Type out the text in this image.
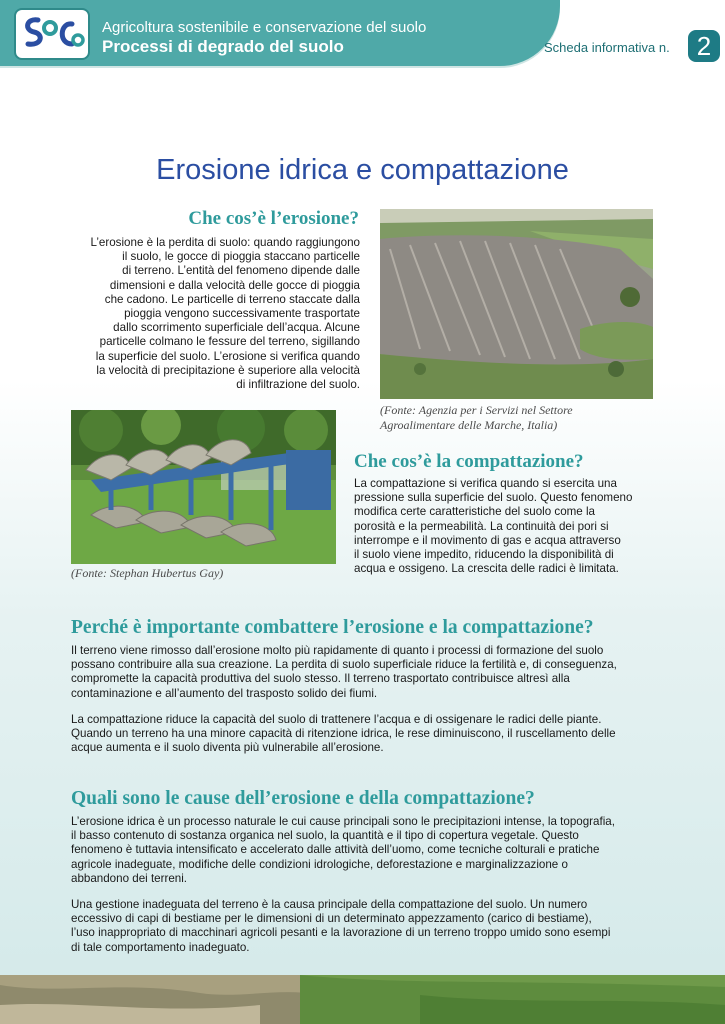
Agricoltura sostenibile e conservazione del suolo
Processi di degrado del suolo	Scheda informativa n.	2
Erosione idrica e compattazione
Che cos’è l’erosione?
L’erosione è la perdita di suolo: quando raggiungono
il suolo, le gocce di pioggia staccano particelle
di terreno. L’entità del fenomeno dipende dalle
dimensioni e dalla velocità delle gocce di pioggia
che cadono. Le particelle di terreno staccate dalla
pioggia vengono successivamente trasportate
dallo scorrimento superficiale dell’acqua. Alcune
particelle colmano le fessure del terreno, sigillando
la superficie del suolo. L’erosione si verifica quando
la velocità di precipitazione è superiore alla velocità
di infiltrazione del suolo.
(Fonte: Agenzia per i Servizi nel Settore
Agroalimentare delle Marche, Italia)
(Fonte: Stephan Hubertus Gay)
Che cos’è la compattazione?
La compattazione si verifica quando si esercita una
pressione sulla superficie del suolo. Questo fenomeno
modifica certe caratteristiche del suolo come la
porosità e la permeabilità. La continuità dei pori si
interrompe e il movimento di gas e acqua attraverso
il suolo viene impedito, riducendo la disponibilità di
acqua e ossigeno. La crescita delle radici è limitata.
Perché è importante combattere l’erosione e la compattazione?
Il terreno viene rimosso dall’erosione molto più rapidamente di quanto i processi di formazione del suolo
possano contribuire alla sua creazione. La perdita di suolo superficiale riduce la fertilità e, di conseguenza,
compromette la capacità produttiva del suolo stesso. Il terreno trasportato contribuisce altresì alla
contaminazione e all’aumento del trasposto solido dei fiumi.
La compattazione riduce la capacità del suolo di trattenere l’acqua e di ossigenare le radici delle piante.
Quando un terreno ha una minore capacità di ritenzione idrica, le rese diminuiscono, il ruscellamento delle
acque aumenta e il suolo diventa più vulnerabile all’erosione.
Quali sono le cause dell’erosione e della compattazione?
L’erosione idrica è un processo naturale le cui cause principali sono le precipitazioni intense, la topografia,
il basso contenuto di sostanza organica nel suolo, la quantità e il tipo di copertura vegetale. Questo
fenomeno è tuttavia intensificato e accelerato dalle attività dell’uomo, come tecniche colturali e pratiche
agricole inadeguate, modifiche delle condizioni idrologiche, deforestazione e marginalizzazione o
abbandono dei terreni.
Una gestione inadeguata del terreno è la causa principale della compattazione del suolo. Un numero
eccessivo di capi di bestiame per le dimensioni di un determinato appezzamento (carico di bestiame),
l’uso inappropriato di macchinari agricoli pesanti e la lavorazione di un terreno troppo umido sono esempi
di tale comportamento inadeguato.
